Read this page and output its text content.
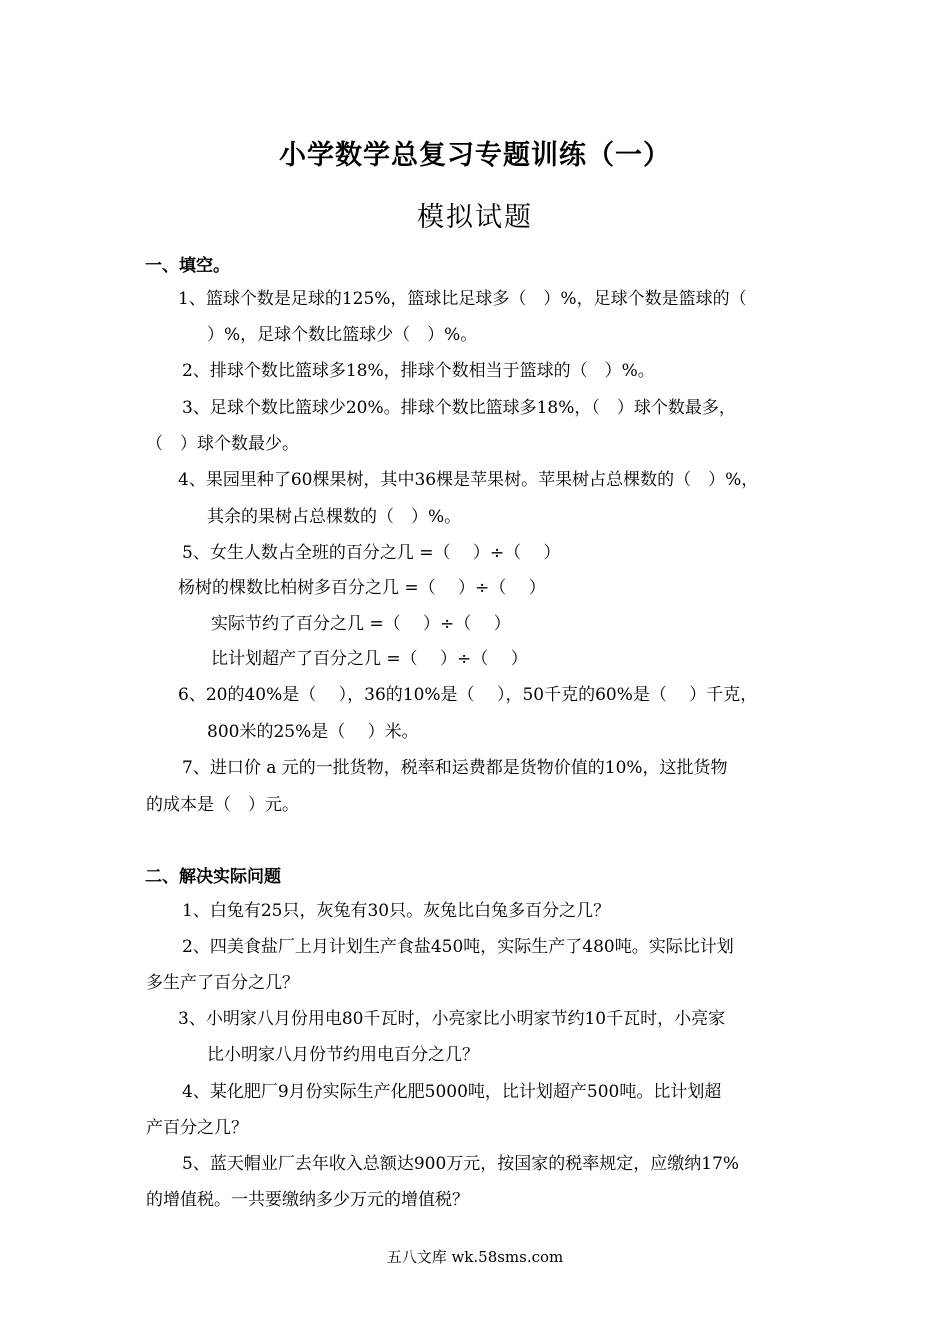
小学数学总复习专题训练（一）
模拟试题
一、填空。
1、篮球个数是足球的125%，篮球比足球多（　）%，足球个数是篮球的（
）%，足球个数比篮球少（　）%。
2、排球个数比篮球多18%，排球个数相当于篮球的（　）%。
3、足球个数比篮球少20%。排球个数比篮球多18%，（　）球个数最多，
（　）球个数最少。
4、果园里种了60棵果树，其中36棵是苹果树。苹果树占总棵数的（　）%，
其余的果树占总棵数的（　）%。
5、女生人数占全班的百分之几 =（　 ）÷（　 ）
杨树的棵数比柏树多百分之几 =（　 ）÷（　 ）
实际节约了百分之几 =（　 ）÷（　 ）
比计划超产了百分之几 =（　 ）÷（　 ）
6、20的40%是（　 ），36的10%是（　 ），50千克的60%是（　 ）千克，
800米的25%是（　 ）米。
7、进口价 a 元的一批货物，税率和运费都是货物价值的10%，这批货物
的成本是（　）元。
二、解决实际问题
1、白兔有25只，灰兔有30只。灰兔比白兔多百分之几？
2、四美食盐厂上月计划生产食盐450吨，实际生产了480吨。实际比计划
多生产了百分之几？
3、小明家八月份用电80千瓦时，小亮家比小明家节约10千瓦时，小亮家
比小明家八月份节约用电百分之几？
4、某化肥厂9月份实际生产化肥5000吨，比计划超产500吨。比计划超
产百分之几？
5、蓝天帽业厂去年收入总额达900万元，按国家的税率规定，应缴纳17%
的增值税。一共要缴纳多少万元的增值税？
五八文库 wk.58sms.com
